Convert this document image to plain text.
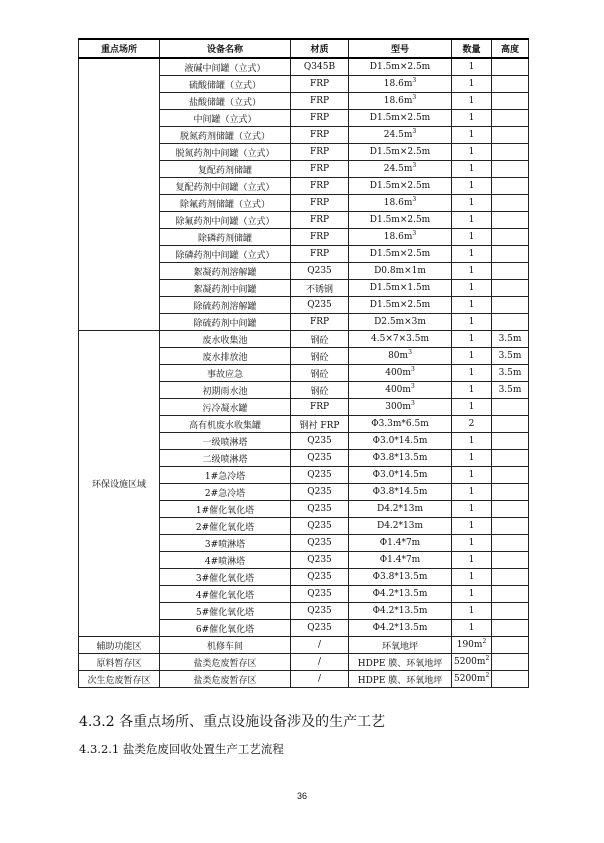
重点场所	设备名称	材质	型号	数量	高度
	液碱中间罐（立式）	Q345B	D1.5m×2.5m	1	
	硫酸储罐（立式）	FRP	$18.6m^3$	1	
	盐酸储罐（立式）	FRP	$18.6m^3$	1	
	中间罐（立式）	FRP	D1.5m×2.5m	1	
	脱氮药剂储罐（立式）	FRP	$24.5m^3$	1	
	脱氮药剂中间罐（立式）	FRP	D1.5m×2.5m	1	
	复配药剂储罐	FRP	$24.5m^3$	1	
	复配药剂中间罐（立式）	FRP	D1.5m×2.5m	1	
	除氟药剂储罐（立式）	FRP	$18.6m^3$	1	
	除氟药剂中间罐（立式）	FRP	D1.5m×2.5m	1	
	除磷药剂储罐	FRP	$18.6m^3$	1	
	除磷药剂中间罐（立式）	FRP	D1.5m×2.5m	1	
	絮凝药剂溶解罐	Q235	D0.8m×1m	1	
	絮凝药剂中间罐	不锈钢	D1.5m×1.5m	1	
	除硫药剂溶解罐	Q235	D1.5m×2.5m	1	
	除硫药剂中间罐	FRP	D2.5m×3m	1	
环保设施区域	废水收集池	钢砼	4.5×7×3.5m	1	3.5m
	废水排放池	钢砼	$80m^3$	1	3.5m
	事故应急	钢砼	$400m^3$	1	3.5m
	初期雨水池	钢砼	$400m^3$	1	3.5m
	污冷凝水罐	FRP	$300m^3$	1	
	高有机废水收集罐	钢衬 FRP	Φ3.3m*6.5m	2	
	一级喷淋塔	Q235	Φ3.0*14.5m	1	
	二级喷淋塔	Q235	Φ3.8*13.5m	1	
	1#急冷塔	Q235	Φ3.0*14.5m	1	
	2#急冷塔	Q235	Φ3.8*14.5m	1	
	1#催化氧化塔	Q235	D4.2*13m	1	
	2#催化氧化塔	Q235	D4.2*13m	1	
	3#喷淋塔	Q235	Φ1.4*7m	1	
	4#喷淋塔	Q235	Φ1.4*7m	1	
	3#催化氧化塔	Q235	Φ3.8*13.5m	1	
	4#催化氧化塔	Q235	Φ4.2*13.5m	1	
	5#催化氧化塔	Q235	Φ4.2*13.5m	1	
	6#催化氧化塔	Q235	Φ4.2*13.5m	1	
辅助功能区	机修车间	/	环氧地坪	$190m^2$	
原料暂存区	盐类危废暂存区	/	HDPE 膜、环氧地坪	$5200m^2$	
次生危废暂存区	盐类危废暂存区	/	HDPE 膜、环氧地坪	$5200m^2$	
4.3.2 各重点场所、重点设施设备涉及的生产工艺
4.3.2.1 盐类危废回收处置生产工艺流程
36
